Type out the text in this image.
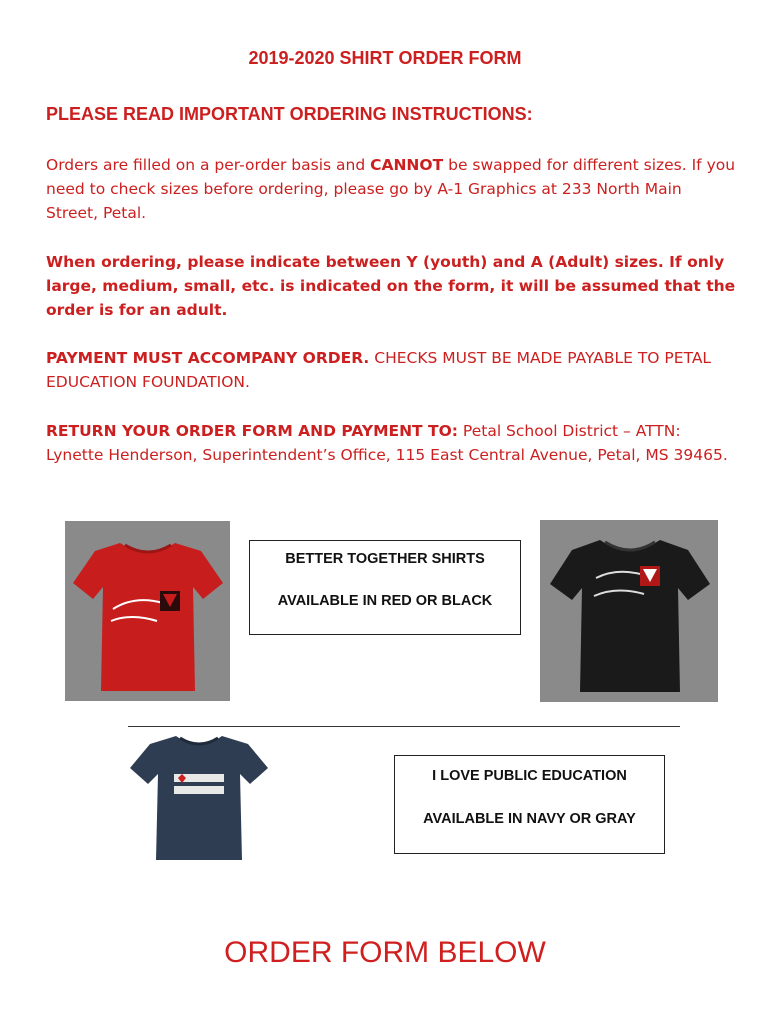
2019-2020 SHIRT ORDER FORM
PLEASE READ IMPORTANT ORDERING INSTRUCTIONS:
Orders are filled on a per-order basis and CANNOT be swapped for different sizes. If you need to check sizes before ordering, please go by A-1 Graphics at 233 North Main Street, Petal.
When ordering, please indicate between Y (youth) and A (Adult) sizes. If only large, medium, small, etc. is indicated on the form, it will be assumed that the order is for an adult.
PAYMENT MUST ACCOMPANY ORDER. CHECKS MUST BE MADE PAYABLE TO PETAL EDUCATION FOUNDATION.
RETURN YOUR ORDER FORM AND PAYMENT TO: Petal School District – ATTN: Lynette Henderson, Superintendent’s Office, 115 East Central Avenue, Petal, MS 39465.
BETTER TOGETHER SHIRTS
AVAILABLE IN RED OR BLACK
I LOVE PUBLIC EDUCATION
AVAILABLE IN NAVY OR GRAY
ORDER FORM BELOW
